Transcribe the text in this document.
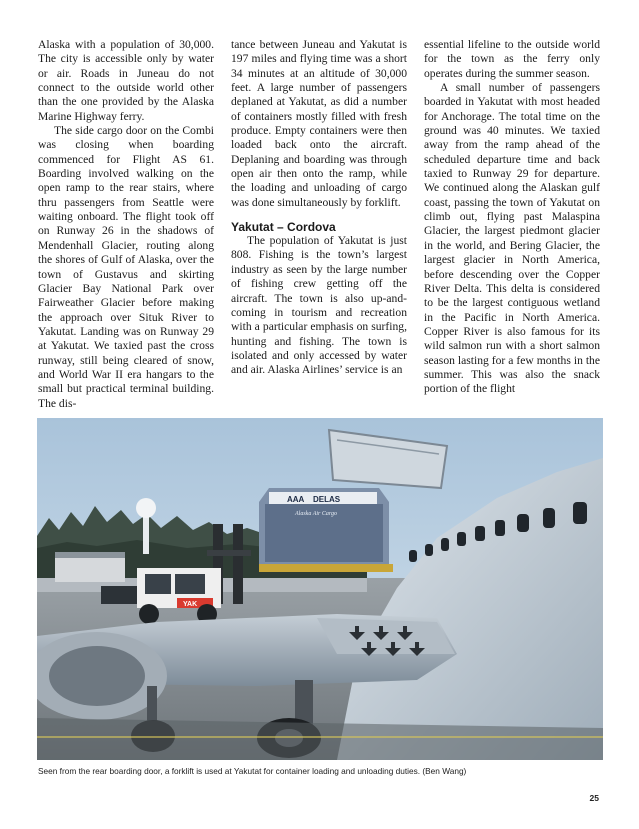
Alaska with a population of 30,000. The city is accessible only by water or air. Roads in Juneau do not connect to the outside world other than the one provided by the Alaska Marine Highway ferry.

The side cargo door on the Combi was closing when boarding commenced for Flight AS 61. Boarding involved walking on the open ramp to the rear stairs, where thru passengers from Seattle were waiting onboard. The flight took off on Runway 26 in the shadows of Mendenhall Glacier, routing along the shores of Gulf of Alaska, over the town of Gustavus and skirting Glacier Bay National Park over Fairweather Glacier before making the approach over Situk River to Yakutat. Landing was on Runway 29 at Yakutat. We taxied past the cross runway, still being cleared of snow, and World War II era hangars to the small but practical terminal building. The dis-

tance between Juneau and Yakutat is 197 miles and flying time was a short 34 minutes at an altitude of 30,000 feet. A large number of passengers deplaned at Yakutat, as did a number of containers mostly filled with fresh produce. Empty containers were then loaded back onto the aircraft. Deplaning and boarding was through open air then onto the ramp, while the loading and unloading of cargo was done simultaneously by forklift.

Yakutat – Cordova

The population of Yakutat is just 808. Fishing is the town’s largest industry as seen by the large number of fishing crew getting off the aircraft. The town is also up-and-coming in tourism and recreation with a particular emphasis on surfing, hunting and fishing. The town is isolated and only accessed by water and air. Alaska Airlines’ service is an

essential lifeline to the outside world for the town as the ferry only operates during the summer season.

A small number of passengers boarded in Yakutat with most headed for Anchorage. The total time on the ground was 40 minutes. We taxied away from the ramp ahead of the scheduled departure time and back taxied to Runway 29 for departure. We continued along the Alaskan gulf coast, passing the town of Yakutat on climb out, flying past Malaspina Glacier, the largest piedmont glacier in the world, and Bering Glacier, the largest glacier in North America, before descending over the Copper River Delta. This delta is considered to be the largest contiguous wetland in the Pacific in North America. Copper River is also famous for its wild salmon run with a short salmon season lasting for a few months in the summer. This was also the snack portion of the flight

AAA DELAS
Alaska Air Cargo
YAK
Seen from the rear boarding door, a forklift is used at Yakutat for container loading and unloading duties. (Ben Wang)
25
